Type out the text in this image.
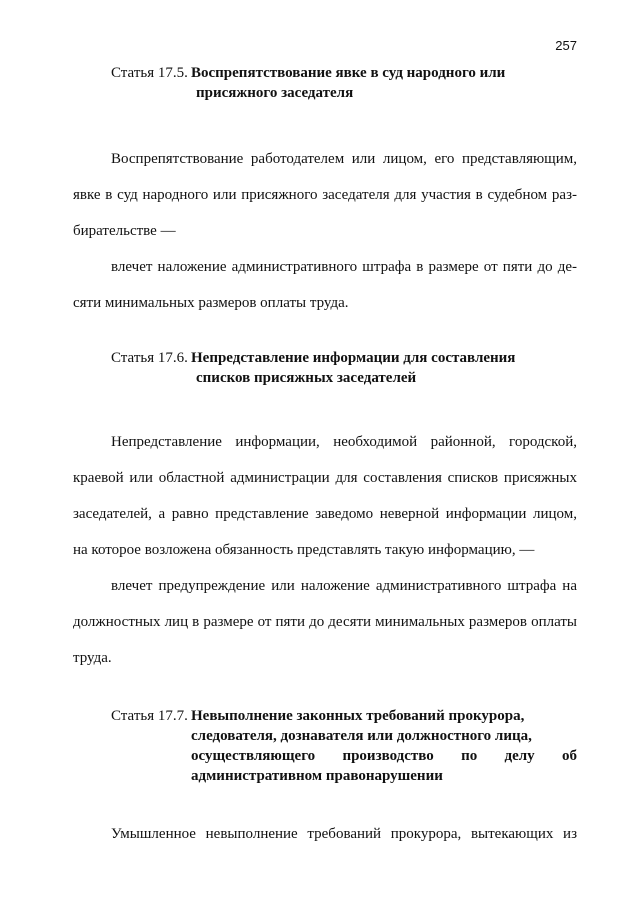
257
Статья 17.5. Воспрепятствование явке в суд народного или
присяжного заседателя
Воспрепятствование работодателем или лицом, его представляющим,
явке в суд народного или присяжного заседателя для участия в судебном раз-
бирательстве —
влечет наложение административного штрафа в размере от пяти до де-
сяти минимальных размеров оплаты труда.
Статья 17.6. Непредставление информации для составления
списков присяжных заседателей
Непредставление информации, необходимой районной, городской,
краевой или областной администрации для составления списков присяжных
заседателей, а равно представление заведомо неверной информации лицом,
на которое возложена обязанность представлять такую информацию, —
влечет предупреждение или наложение административного штрафа на
должностных лиц в размере от пяти до десяти минимальных размеров оплаты
труда.
Статья 17.7. Невыполнение законных требований прокурора,
следователя, дознавателя или должностного лица,
осуществляющего производство по делу об
административном правонарушении
Умышленное невыполнение требований прокурора, вытекающих из
